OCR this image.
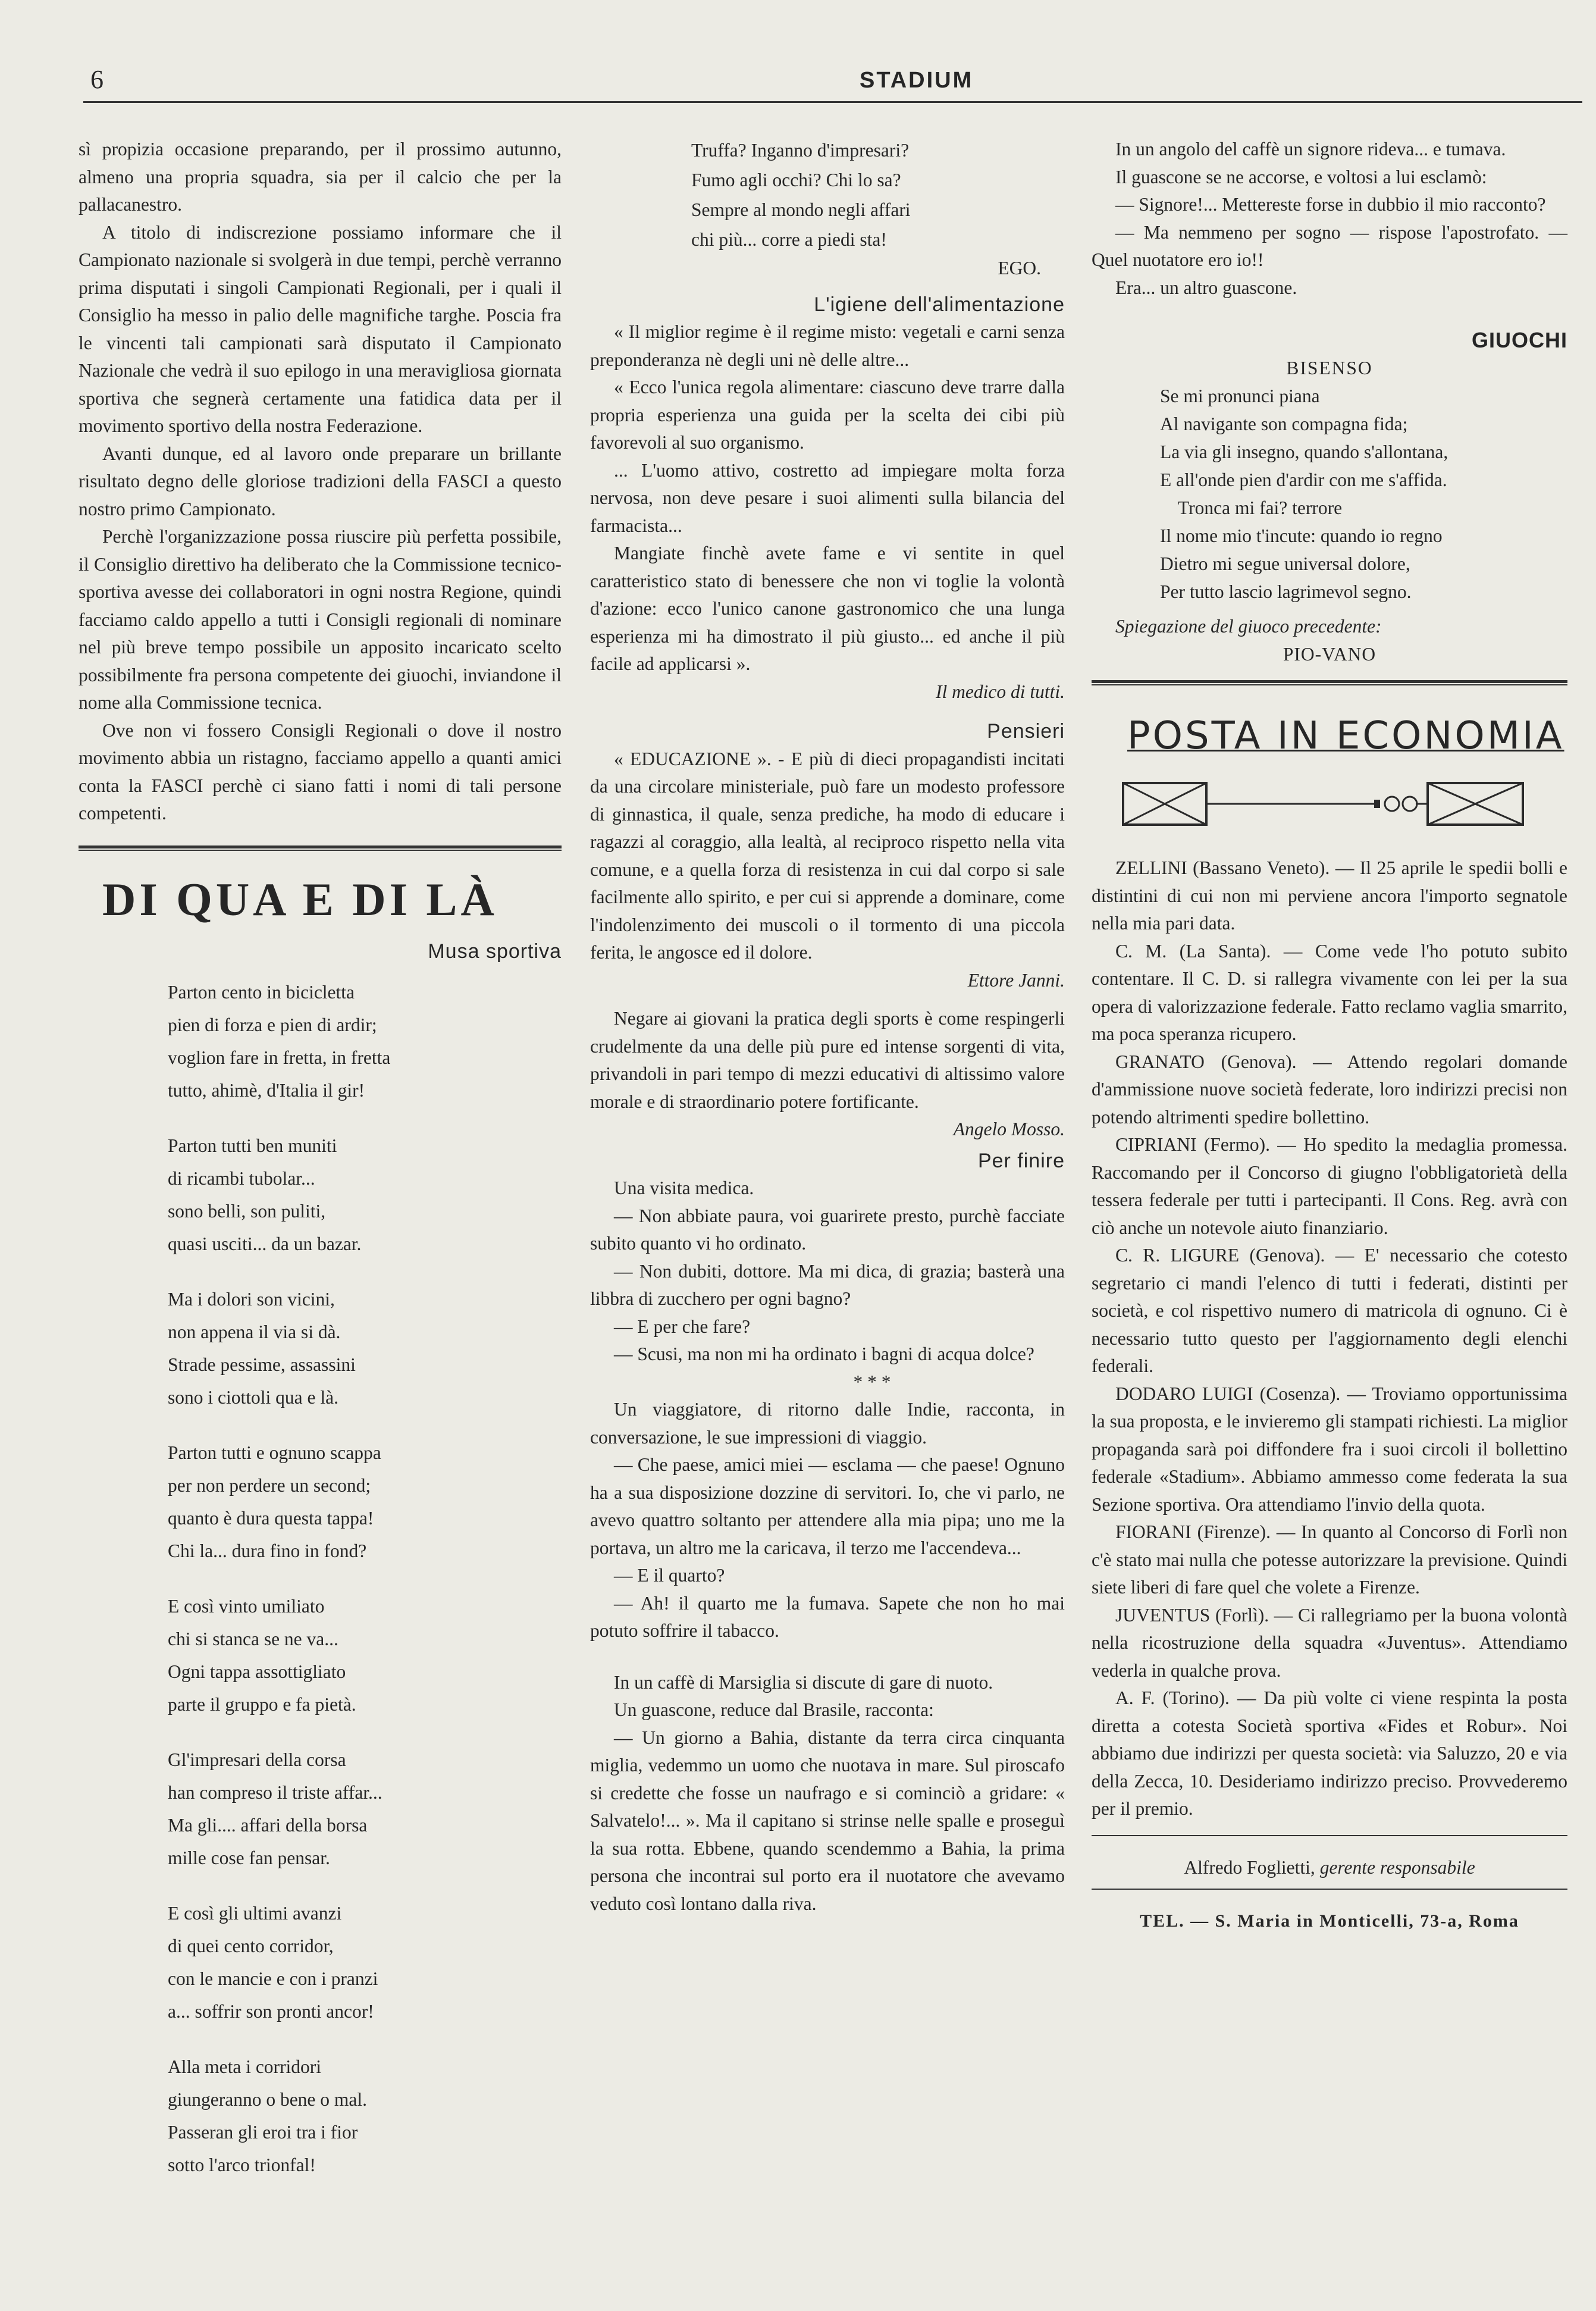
6	STADIUM

sì propizia occasione preparando, per il prossimo autunno, almeno una propria squadra, sia per il calcio che per la pallacanestro.

A titolo di indiscrezione possiamo informare che il Campionato nazionale si svolgerà in due tempi, perchè verranno prima disputati i singoli Campionati Regionali, per i quali il Consiglio ha messo in palio delle magnifiche targhe. Poscia fra le vincenti tali campionati sarà disputato il Campionato Nazionale che vedrà il suo epilogo in una meravigliosa giornata sportiva che segnerà certamente una fatidica data per il movimento sportivo della nostra Federazione.

Avanti dunque, ed al lavoro onde preparare un brillante risultato degno delle gloriose tradizioni della FASCI a questo nostro primo Campionato.

Perchè l'organizzazione possa riuscire più perfetta possibile, il Consiglio direttivo ha deliberato che la Commissione tecnico-sportiva avesse dei collaboratori in ogni nostra Regione, quindi facciamo caldo appello a tutti i Consigli regionali di nominare nel più breve tempo possibile un apposito incaricato scelto possibilmente fra persona competente dei giuochi, inviandone il nome alla Commissione tecnica.

Ove non vi fossero Consigli Regionali o dove il nostro movimento abbia un ristagno, facciamo appello a quanti amici conta la FASCI perchè ci siano fatti i nomi di tali persone competenti.

DI QUA E DI LÀ
Musa sportiva
Parton cento in bicicletta
pien di forza e pien di ardir;
voglion fare in fretta, in fretta
tutto, ahimè, d'Italia il gir!
Parton tutti ben muniti
di ricambi tubolar...
sono belli, son puliti,
quasi usciti... da un bazar.
Ma i dolori son vicini,
non appena il via si dà.
Strade pessime, assassini
sono i ciottoli qua e là.
Parton tutti e ognuno scappa
per non perdere un second;
quanto è dura questa tappa!
Chi la... dura fino in fond?
E così vinto umiliato
chi si stanca se ne va...
Ogni tappa assottigliato
parte il gruppo e fa pietà.
Gl'impresari della corsa
han compreso il triste affar...
Ma gli.... affari della borsa
mille cose fan pensar.
E così gli ultimi avanzi
di quei cento corridor,
con le mancie e con i pranzi
a... soffrir son pronti ancor!
Alla meta i corridori
giungeranno o bene o mal.
Passeran gli eroi tra i fior
sotto l'arco trionfal!
Truffa? Inganno d'impresari?
Fumo agli occhi? Chi lo sa?
Sempre al mondo negli affari
chi più... corre a piedi sta!

EGO.

L'igiene dell'alimentazione

« Il miglior regime è il regime misto: vegetali e carni senza preponderanza nè degli uni nè delle altre...

« Ecco l'unica regola alimentare: ciascuno deve trarre dalla propria esperienza una guida per la scelta dei cibi più favorevoli al suo organismo.

... L'uomo attivo, costretto ad impiegare molta forza nervosa, non deve pesare i suoi alimenti sulla bilancia del farmacista...

Mangiate finchè avete fame e vi sentite in quel caratteristico stato di benessere che non vi toglie la volontà d'azione: ecco l'unico canone gastronomico che una lunga esperienza mi ha dimostrato il più giusto... ed anche il più facile ad applicarsi ».

Il medico di tutti.

Pensieri

« EDUCAZIONE ». - E più di dieci propagandisti incitati da una circolare ministeriale, può fare un modesto professore di ginnastica, il quale, senza prediche, ha modo di educare i ragazzi al coraggio, alla lealtà, al reciproco rispetto nella vita comune, e a quella forza di resistenza in cui dal corpo si sale facilmente allo spirito, e per cui si apprende a dominare, come l'indolenzimento dei muscoli o il tormento di una piccola ferita, le angosce ed il dolore.

Ettore Janni.

Negare ai giovani la pratica degli sports è come respingerli crudelmente da una delle più pure ed intense sorgenti di vita, privandoli in pari tempo di mezzi educativi di altissimo valore morale e di straordinario potere fortificante.

Angelo Mosso.

Per finire

Una visita medica.

— Non abbiate paura, voi guarirete presto, purchè facciate subito quanto vi ho ordinato.

— Non dubiti, dottore. Ma mi dica, di grazia; basterà una libbra di zucchero per ogni bagno?

— E per che fare?

— Scusi, ma non mi ha ordinato i bagni di acqua dolce?

* * *

Un viaggiatore, di ritorno dalle Indie, racconta, in conversazione, le sue impressioni di viaggio.

— Che paese, amici miei — esclama — che paese! Ognuno ha a sua disposizione dozzine di servitori. Io, che vi parlo, ne avevo quattro soltanto per attendere alla mia pipa; uno me la portava, un altro me la caricava, il terzo me l'accendeva...

— E il quarto?

— Ah! il quarto me la fumava. Sapete che non ho mai potuto soffrire il tabacco.

In un caffè di Marsiglia si discute di gare di nuoto.

Un guascone, reduce dal Brasile, racconta:

— Un giorno a Bahia, distante da terra circa cinquanta miglia, vedemmo un uomo che nuotava in mare. Sul piroscafo si credette che fosse un naufrago e si cominciò a gridare: « Salvatelo!... ». Ma il capitano si strinse nelle spalle e proseguì la sua rotta. Ebbene, quando scendemmo a Bahia, la prima persona che incontrai sul porto era il nuotatore che avevamo veduto così lontano dalla riva.

In un angolo del caffè un signore rideva... e tumava.

Il guascone se ne accorse, e voltosi a lui esclamò:

— Signore!... Mettereste forse in dubbio il mio racconto?

— Ma nemmeno per sogno — rispose l'apostrofato. — Quel nuotatore ero io!!

Era... un altro guascone.

GIUOCHI
BISENSO
Se mi pronunci piana
Al navigante son compagna fida;
La via gli insegno, quando s'allontana,
E all'onde pien d'ardir con me s'affida.
Tronca mi fai? terrore
Il nome mio t'incute: quando io regno
Dietro mi segue universal dolore,
Per tutto lascio lagrimevol segno.

Spiegazione del giuoco precedente:

PIO-VANO

POSTA IN ECONOMIA

ZELLINI (Bassano Veneto). — Il 25 aprile le spedii bolli e distintini di cui non mi perviene ancora l'importo segnatole nella mia pari data.

C. M. (La Santa). — Come vede l'ho potuto subito contentare. Il C. D. si rallegra vivamente con lei per la sua opera di valorizzazione federale. Fatto reclamo vaglia smarrito, ma poca speranza ricupero.

GRANATO (Genova). — Attendo regolari domande d'ammissione nuove società federate, loro indirizzi precisi non potendo altrimenti spedire bollettino.

CIPRIANI (Fermo). — Ho spedito la medaglia promessa. Raccomando per il Concorso di giugno l'obbligatorietà della tessera federale per tutti i partecipanti. Il Cons. Reg. avrà con ciò anche un notevole aiuto finanziario.

C. R. LIGURE (Genova). — E' necessario che cotesto segretario ci mandi l'elenco di tutti i federati, distinti per società, e col rispettivo numero di matricola di ognuno. Ci è necessario tutto questo per l'aggiornamento degli elenchi federali.

DODARO LUIGI (Cosenza). — Troviamo opportunissima la sua proposta, e le invieremo gli stampati richiesti. La miglior propaganda sarà poi diffondere fra i suoi circoli il bollettino federale «Stadium». Abbiamo ammesso come federata la sua Sezione sportiva. Ora attendiamo l'invio della quota.

FIORANI (Firenze). — In quanto al Concorso di Forlì non c'è stato mai nulla che potesse autorizzare la previsione. Quindi siete liberi di fare quel che volete a Firenze.

JUVENTUS (Forlì). — Ci rallegriamo per la buona volontà nella ricostruzione della squadra «Juventus». Attendiamo vederla in qualche prova.

A. F. (Torino). — Da più volte ci viene respinta la posta diretta a cotesta Società sportiva «Fides et Robur». Noi abbiamo due indirizzi per questa società: via Saluzzo, 20 e via della Zecca, 10. Desideriamo indirizzo preciso. Provvederemo per il premio.

Alfredo Foglietti, gerente responsabile
TEL. — S. Maria in Monticelli, 73-a, Roma
